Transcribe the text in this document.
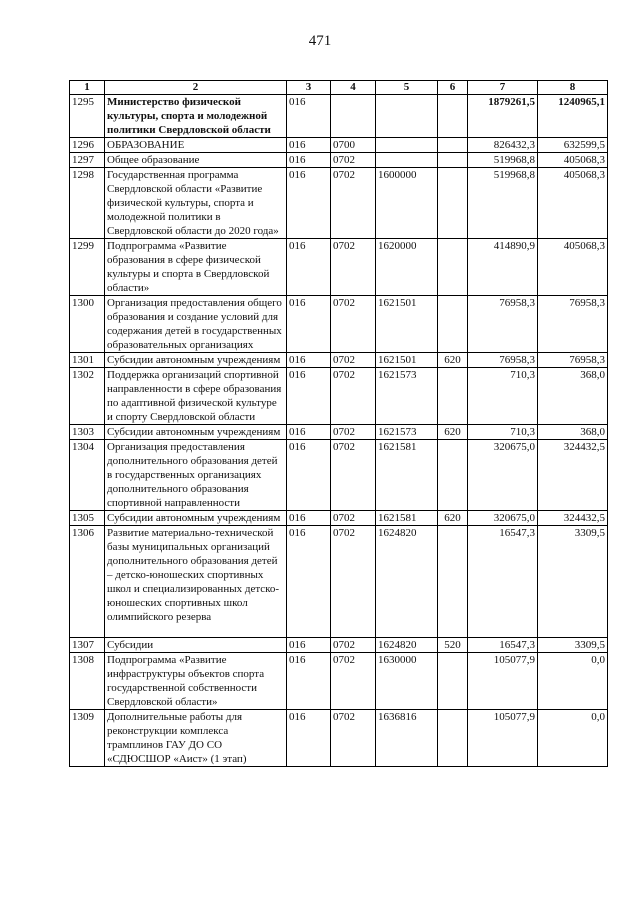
471
1	2	3	4	5	6	7	8
1295	Министерство физической культуры, спорта и молодежной политики Свердловской области	016				1879261,5	1240965,1
1296	ОБРАЗОВАНИЕ	016	0700			826432,3	632599,5
1297	Общее образование	016	0702			519968,8	405068,3
1298	Государственная программа Свердловской области «Развитие физической культуры, спорта и молодежной политики в Свердловской области до 2020 года»	016	0702	1600000		519968,8	405068,3
1299	Подпрограмма «Развитие образования в сфере физической культуры и спорта в Свердловской области»	016	0702	1620000		414890,9	405068,3
1300	Организация предоставления общего образования и создание условий для содержания детей в государственных образовательных организациях	016	0702	1621501		76958,3	76958,3
1301	Субсидии автономным учреждениям	016	0702	1621501	620	76958,3	76958,3
1302	Поддержка организаций спортивной направленности в сфере образования по адаптивной физической культуре и спорту Свердловской области	016	0702	1621573		710,3	368,0
1303	Субсидии автономным учреждениям	016	0702	1621573	620	710,3	368,0
1304	Организация предоставления дополнительного образования детей в государственных организациях дополнительного образования спортивной направленности	016	0702	1621581		320675,0	324432,5
1305	Субсидии автономным учреждениям	016	0702	1621581	620	320675,0	324432,5
1306	Развитие материально-технической базы муниципальных организаций дополнительного образования детей – детско-юношеских спортивных школ и специализированных детско-юношеских спортивных школ олимпийского резерва	016	0702	1624820		16547,3	3309,5
1307	Субсидии	016	0702	1624820	520	16547,3	3309,5
1308	Подпрограмма «Развитие инфраструктуры объектов спорта государственной собственности Свердловской области»	016	0702	1630000		105077,9	0,0
1309	Дополнительные работы для реконструкции комплекса трамплинов ГАУ ДО СО «СДЮСШОР «Аист» (1 этап)	016	0702	1636816		105077,9	0,0
